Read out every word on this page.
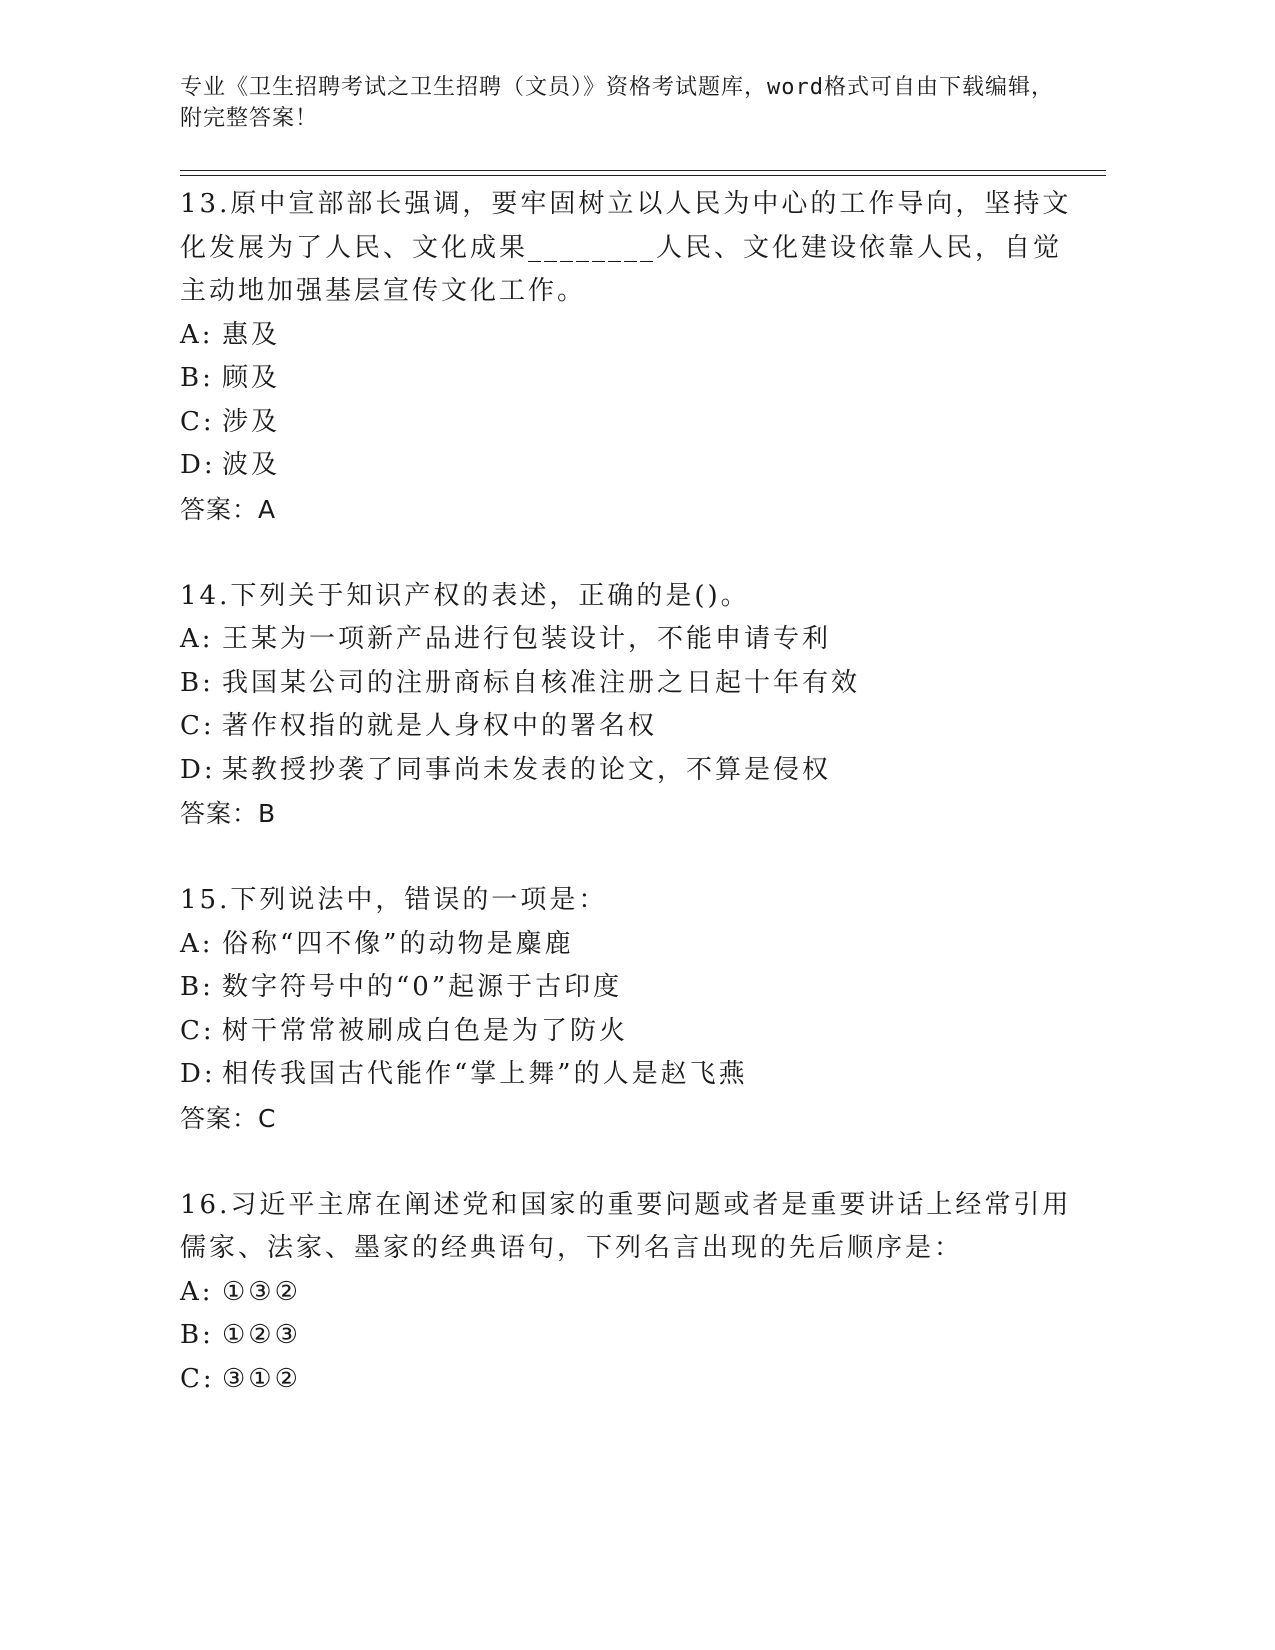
专业《卫生招聘考试之卫生招聘（文员）》资格考试题库，word格式可自由下载编辑，附完整答案！

13.原中宣部部长强调，要牢固树立以人民为中心的工作导向，坚持文化发展为了人民、文化成果________人民、文化建设依靠人民，自觉主动地加强基层宣传文化工作。

A: 惠及

B: 顾及

C: 涉及

D: 波及

答案：A

14.下列关于知识产权的表述，正确的是()。

A: 王某为一项新产品进行包装设计，不能申请专利

B: 我国某公司的注册商标自核准注册之日起十年有效

C: 著作权指的就是人身权中的署名权

D: 某教授抄袭了同事尚未发表的论文，不算是侵权

答案：B

15.下列说法中，错误的一项是：

A: 俗称“四不像”的动物是麋鹿

B: 数字符号中的“0”起源于古印度

C: 树干常常被刷成白色是为了防火

D: 相传我国古代能作“掌上舞”的人是赵飞燕

答案：C

16.习近平主席在阐述党和国家的重要问题或者是重要讲话上经常引用儒家、法家、墨家的经典语句，下列名言出现的先后顺序是：

A: ①③②

B: ①②③

C: ③①②
